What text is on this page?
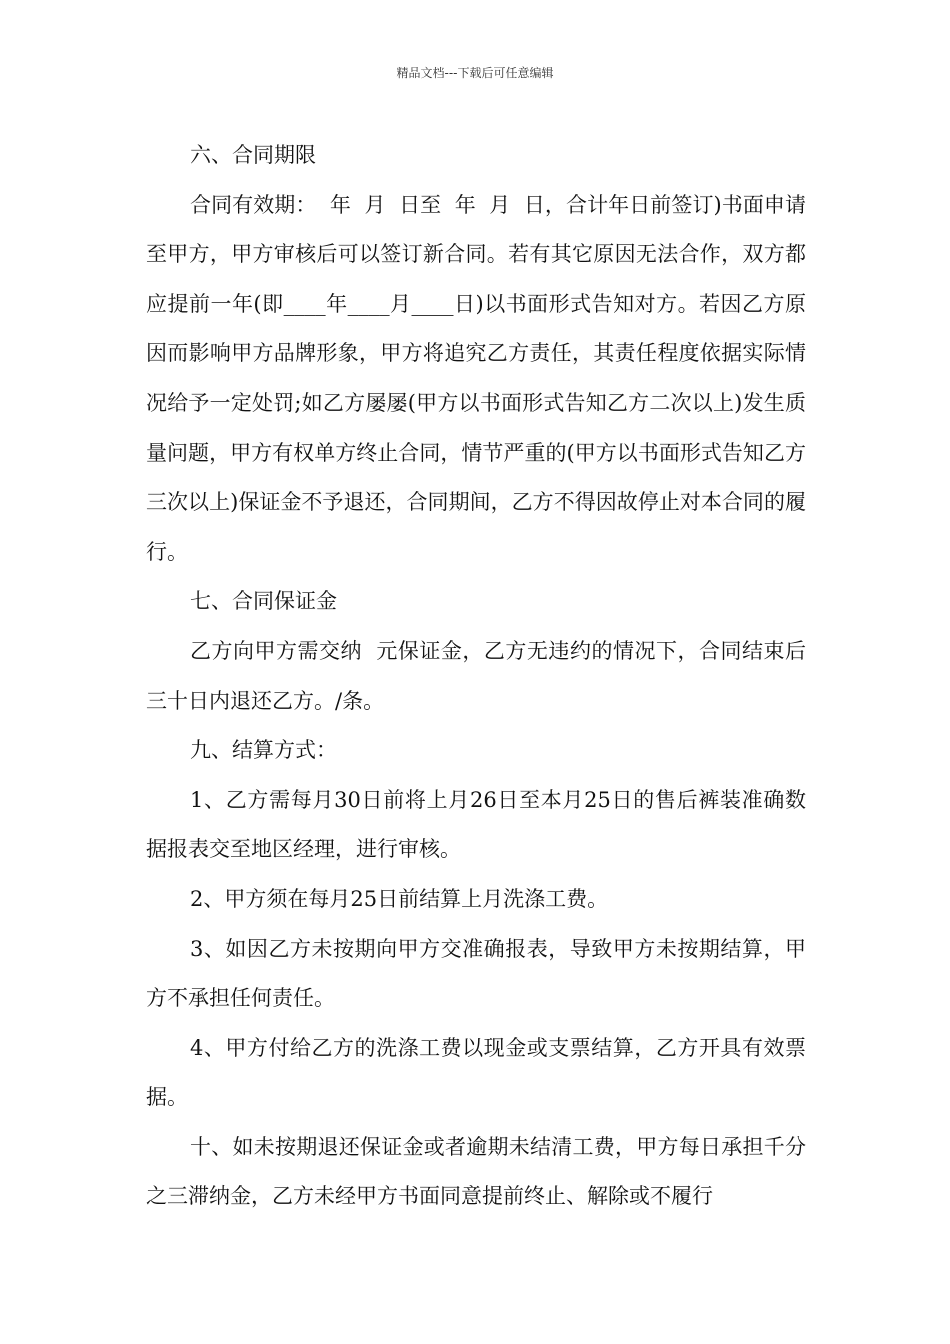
精品文档---下载后可任意编辑

六、合同期限

合同有效期：  年  月  日至  年  月  日，合计年日前签订)书面申请至甲方，甲方审核后可以签订新合同。若有其它原因无法合作，双方都应提前一年(即____年____月____日)以书面形式告知对方。若因乙方原因而影响甲方品牌形象，甲方将追究乙方责任，其责任程度依据实际情况给予一定处罚;如乙方屡屡(甲方以书面形式告知乙方二次以上)发生质量问题，甲方有权单方终止合同，情节严重的(甲方以书面形式告知乙方三次以上)保证金不予退还，合同期间，乙方不得因故停止对本合同的履行。

七、合同保证金

乙方向甲方需交纳  元保证金，乙方无违约的情况下，合同结束后三十日内退还乙方。/条。

九、结算方式：

1、乙方需每月30日前将上月26日至本月25日的售后裤装准确数据报表交至地区经理，进行审核。

2、甲方须在每月25日前结算上月洗涤工费。

3、如因乙方未按期向甲方交准确报表，导致甲方未按期结算，甲方不承担任何责任。

4、甲方付给乙方的洗涤工费以现金或支票结算，乙方开具有效票据。

十、如未按期退还保证金或者逾期未结清工费，甲方每日承担千分之三滞纳金，乙方未经甲方书面同意提前终止、解除或不履行
